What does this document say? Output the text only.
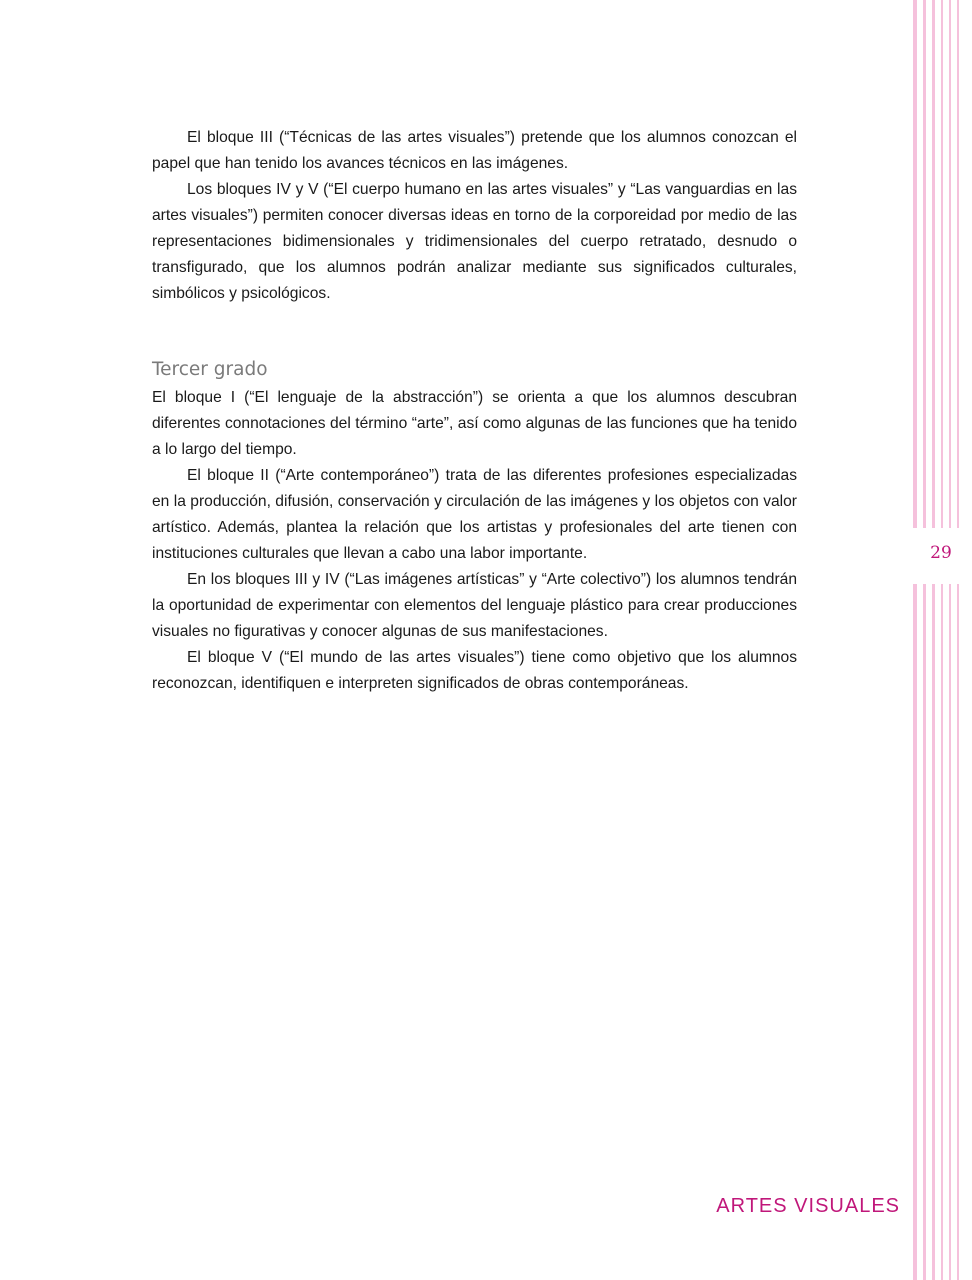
29

El bloque III (“Técnicas de las artes visuales”) pretende que los alumnos conozcan el papel que han tenido los avances técnicos en las imágenes.

Los bloques IV y V (“El cuerpo humano en las artes visuales” y “Las vanguardias en las artes visuales”) permiten conocer diversas ideas en torno de la corporeidad por medio de las representaciones bidimensionales y tridimensionales del cuerpo retratado, desnudo o transfigurado, que los alumnos podrán analizar mediante sus significados culturales, simbólicos y psicológicos.

Tercer grado

El bloque I (“El lenguaje de la abstracción”) se orienta a que los alumnos descubran diferentes connotaciones del término “arte”, así como algunas de las funciones que ha tenido a lo largo del tiempo.

El bloque II (“Arte contemporáneo”) trata de las diferentes profesiones especializadas en la producción, difusión, conservación y circulación de las imágenes y los objetos con valor artístico. Además, plantea la relación que los artistas y profesionales del arte tienen con instituciones culturales que llevan a cabo una labor importante.

En los bloques III y IV (“Las imágenes artísticas” y “Arte colectivo”) los alumnos tendrán la oportunidad de experimentar con elementos del lenguaje plástico para crear producciones visuales no figurativas y conocer algunas de sus manifestaciones.

El bloque V (“El mundo de las artes visuales”) tiene como objetivo que los alumnos reconozcan, identifiquen e interpreten significados de obras contemporáneas.

ARTES VISUALES
